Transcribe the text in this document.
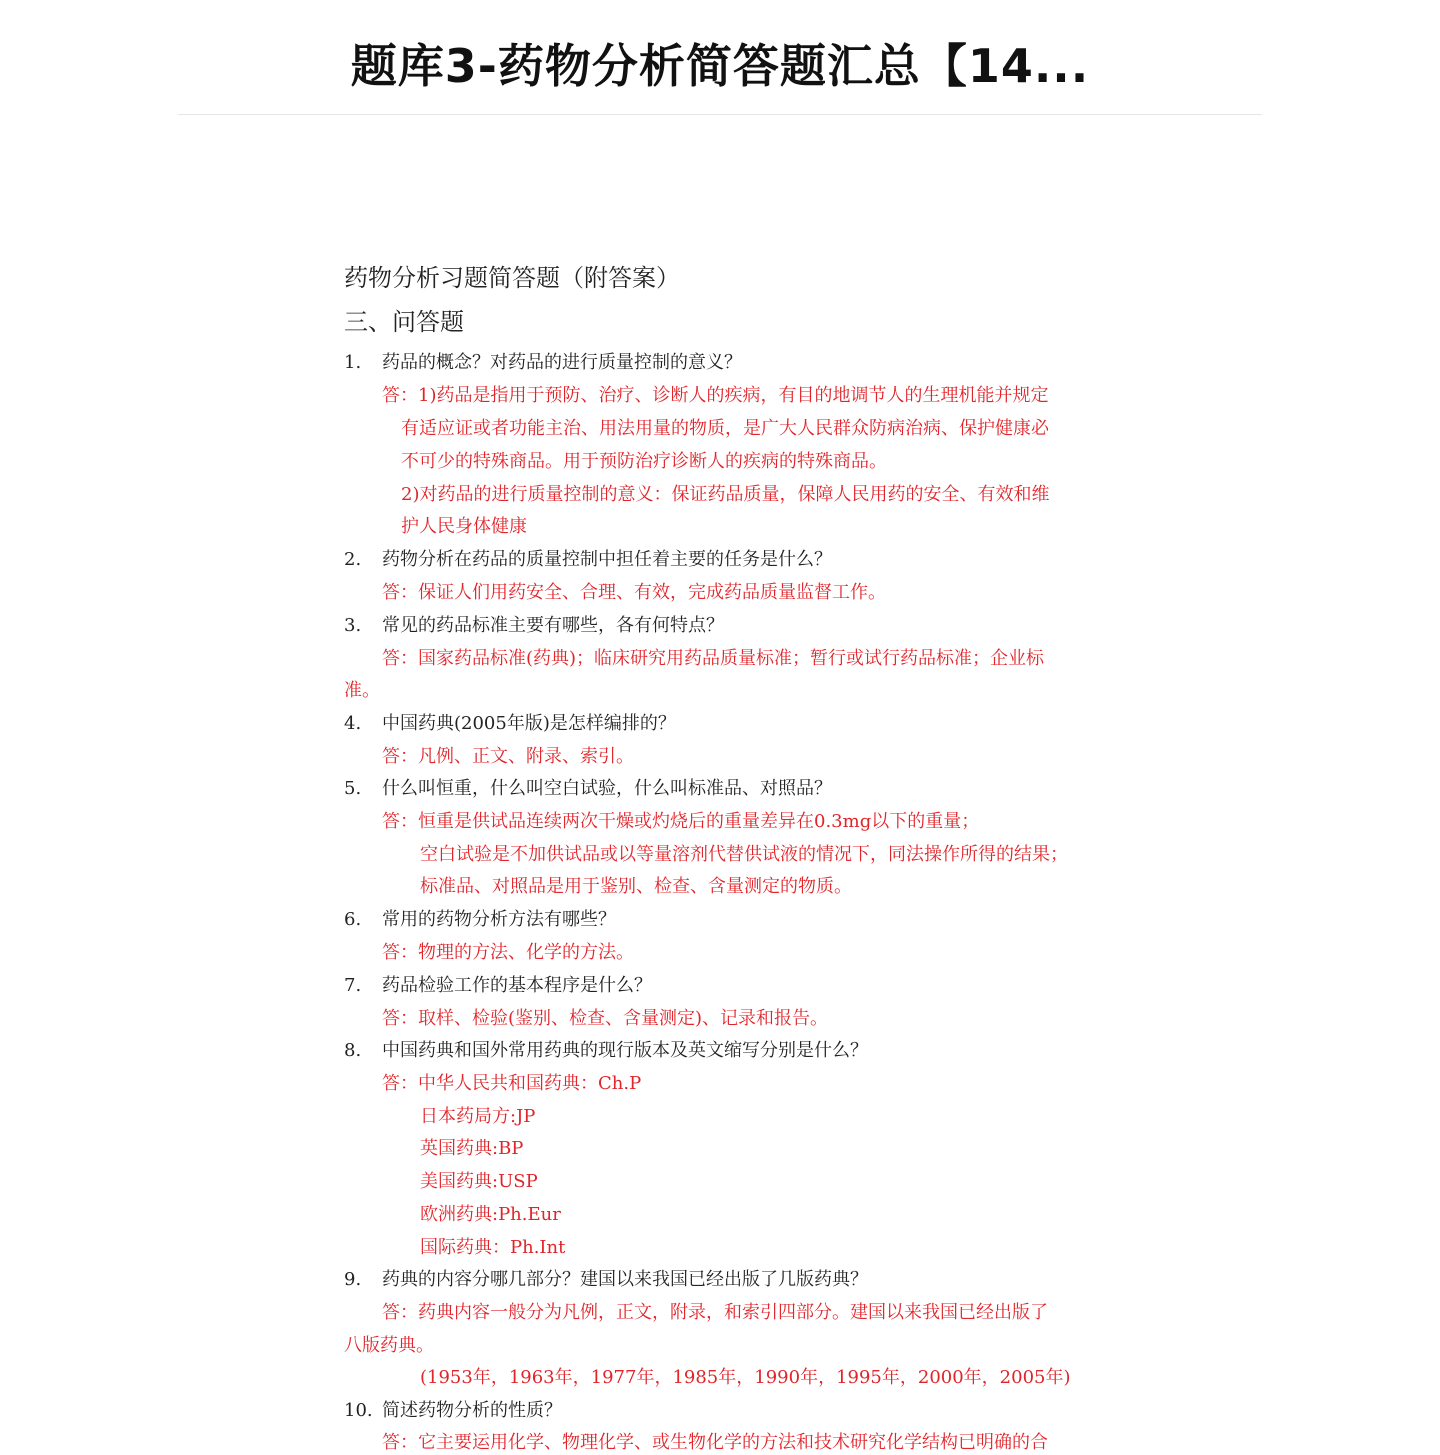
题库3-药物分析简答题汇总【14...
药物分析习题简答题（附答案）
三、问答题
1. 药品的概念？对药品的进行质量控制的意义？
答：1)药品是指用于预防、治疗、诊断人的疾病，有目的地调节人的生理机能并规定
有适应证或者功能主治、用法用量的物质，是广大人民群众防病治病、保护健康必
不可少的特殊商品。用于预防治疗诊断人的疾病的特殊商品。
2)对药品的进行质量控制的意义：保证药品质量，保障人民用药的安全、有效和维
护人民身体健康
2. 药物分析在药品的质量控制中担任着主要的任务是什么？
答：保证人们用药安全、合理、有效，完成药品质量监督工作。
3. 常见的药品标准主要有哪些，各有何特点？
答：国家药品标准(药典)；临床研究用药品质量标准；暂行或试行药品标准；企业标
准。
4. 中国药典(2005年版)是怎样编排的？
答：凡例、正文、附录、索引。
5. 什么叫恒重，什么叫空白试验，什么叫标准品、对照品？
答：恒重是供试品连续两次干燥或灼烧后的重量差异在0.3mg以下的重量；
空白试验是不加供试品或以等量溶剂代替供试液的情况下，同法操作所得的结果；
标准品、对照品是用于鉴别、检查、含量测定的物质。
6. 常用的药物分析方法有哪些？
答：物理的方法、化学的方法。
7. 药品检验工作的基本程序是什么？
答：取样、检验(鉴别、检查、含量测定)、记录和报告。
8. 中国药典和国外常用药典的现行版本及英文缩写分别是什么？
答：中华人民共和国药典：Ch.P
日本药局方:JP
英国药典:BP
美国药典:USP
欧洲药典:Ph.Eur
国际药典：Ph.Int
9. 药典的内容分哪几部分？建国以来我国已经出版了几版药典？
答：药典内容一般分为凡例，正文，附录，和索引四部分。建国以来我国已经出版了
八版药典。
(1953年，1963年，1977年，1985年，1990年，1995年，2000年，2005年)
10. 简述药物分析的性质？
答：它主要运用化学、物理化学、或生物化学的方法和技术研究化学结构已明确的合
